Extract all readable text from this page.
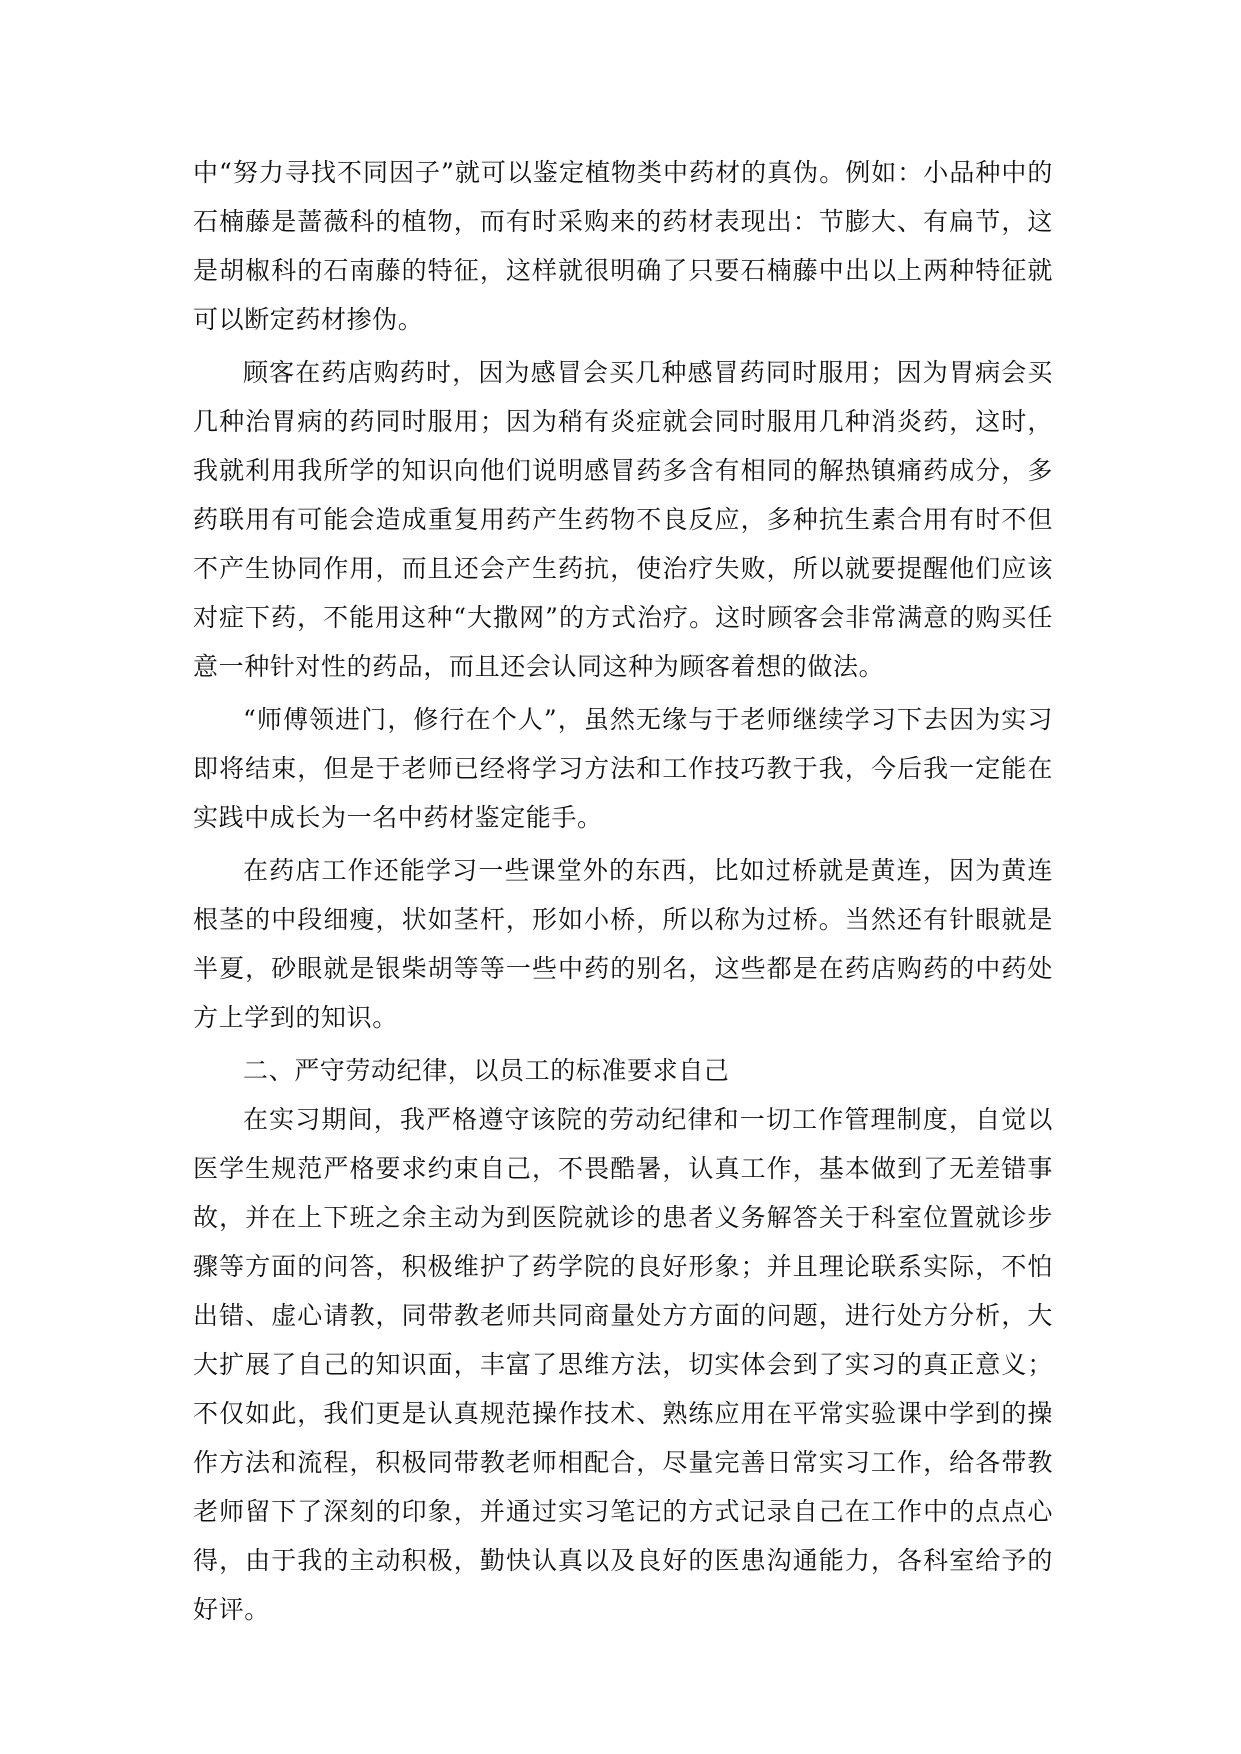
中“努力寻找不同因子”就可以鉴定植物类中药材的真伪。例如：小品种中的石楠藤是蔷薇科的植物，而有时采购来的药材表现出：节膨大、有扁节，这是胡椒科的石南藤的特征，这样就很明确了只要石楠藤中出以上两种特征就可以断定药材掺伪。

顾客在药店购药时，因为感冒会买几种感冒药同时服用；因为胃病会买几种治胃病的药同时服用；因为稍有炎症就会同时服用几种消炎药，这时，我就利用我所学的知识向他们说明感冒药多含有相同的解热镇痛药成分，多药联用有可能会造成重复用药产生药物不良反应，多种抗生素合用有时不但不产生协同作用，而且还会产生药抗，使治疗失败，所以就要提醒他们应该对症下药，不能用这种“大撒网”的方式治疗。这时顾客会非常满意的购买任意一种针对性的药品，而且还会认同这种为顾客着想的做法。

“师傅领进门，修行在个人”，虽然无缘与于老师继续学习下去因为实习即将结束，但是于老师已经将学习方法和工作技巧教于我，今后我一定能在实践中成长为一名中药材鉴定能手。

在药店工作还能学习一些课堂外的东西，比如过桥就是黄连，因为黄连根茎的中段细瘦，状如茎杆，形如小桥，所以称为过桥。当然还有针眼就是半夏，砂眼就是银柴胡等等一些中药的别名，这些都是在药店购药的中药处方上学到的知识。

二、严守劳动纪律，以员工的标准要求自己

在实习期间，我严格遵守该院的劳动纪律和一切工作管理制度，自觉以医学生规范严格要求约束自己，不畏酷暑，认真工作，基本做到了无差错事故，并在上下班之余主动为到医院就诊的患者义务解答关于科室位置就诊步骤等方面的问答，积极维护了药学院的良好形象；并且理论联系实际，不怕出错、虚心请教，同带教老师共同商量处方方面的问题，进行处方分析，大大扩展了自己的知识面，丰富了思维方法，切实体会到了实习的真正意义；不仅如此，我们更是认真规范操作技术、熟练应用在平常实验课中学到的操作方法和流程，积极同带教老师相配合，尽量完善日常实习工作，给各带教老师留下了深刻的印象，并通过实习笔记的方式记录自己在工作中的点点心得，由于我的主动积极，勤快认真以及良好的医患沟通能力，各科室给予的好评。
